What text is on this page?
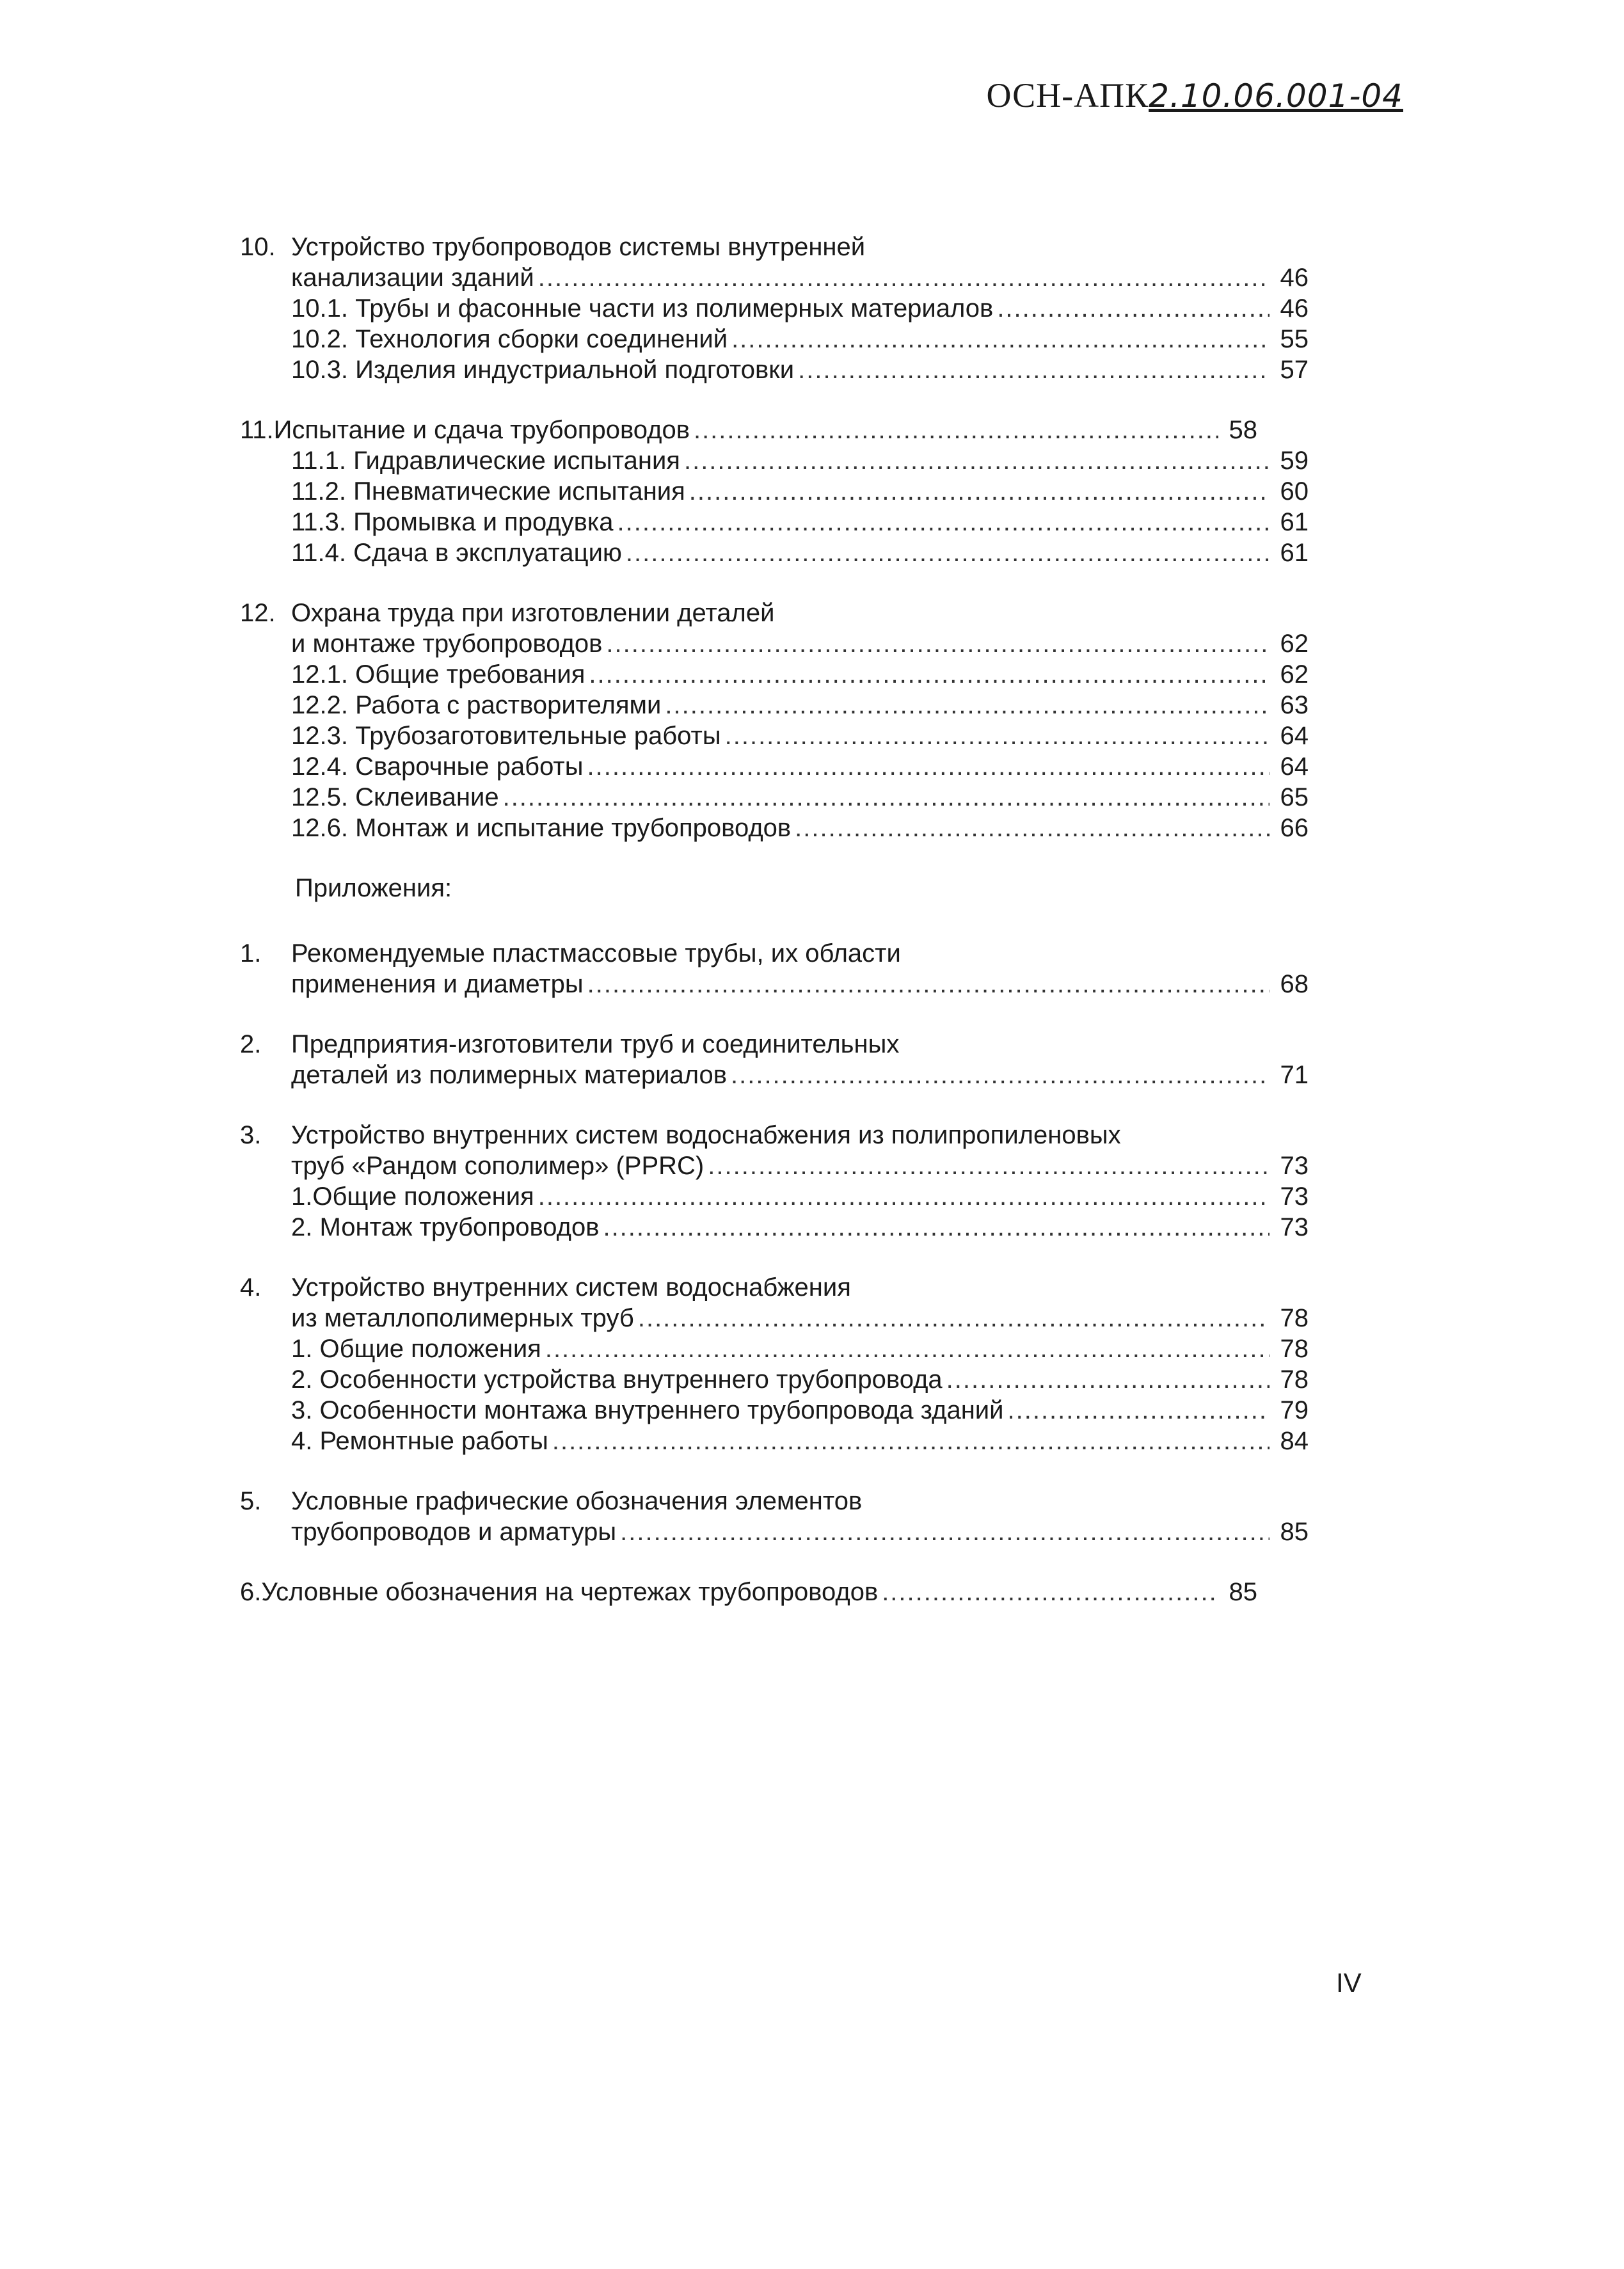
ОСН-АПК2.10.06.001-04
10. Устройство трубопроводов системы внутренней
канализации зданий .....	46
10.1. Трубы и фасонные части из полимерных материалов .....	46
10.2. Технология сборки соединений .....	55
10.3. Изделия индустриальной подготовки .....	57
11. Испытание и сдача трубопроводов .....	58
11.1. Гидравлические испытания .....	59
11.2. Пневматические испытания .....	60
11.3. Промывка и продувка .....	61
11.4. Сдача в эксплуатацию .....	61
12. Охрана труда при изготовлении деталей
и монтаже трубопроводов .....	62
12.1. Общие требования .....	62
12.2. Работа с растворителями .....	63
12.3. Трубозаготовительные работы .....	64
12.4. Сварочные работы .....	64
12.5. Склеивание .....	65
12.6. Монтаж и испытание трубопроводов .....	66
Приложения:
1.	Рекомендуемые пластмассовые трубы, их области
применения и диаметры .....	68
2.	Предприятия-изготовители труб и соединительных
деталей из полимерных материалов .....	71
3.	Устройство внутренних систем водоснабжения из полипропиленовых
труб «Рандом сополимер» (PPRC) .....	73
1.Общие положения .....	73
2. Монтаж трубопроводов .....	73
4.	Устройство внутренних систем водоснабжения
из металлополимерных труб .....	78
1. Общие положения .....	78
2. Особенности устройства внутреннего трубопровода .....	78
3. Особенности монтажа внутреннего трубопровода зданий .....	79
4. Ремонтные работы .....	84
5.	Условные графические обозначения элементов
трубопроводов и арматуры .....	85
6. Условные обозначения на чертежах трубопроводов .....	85
IV
